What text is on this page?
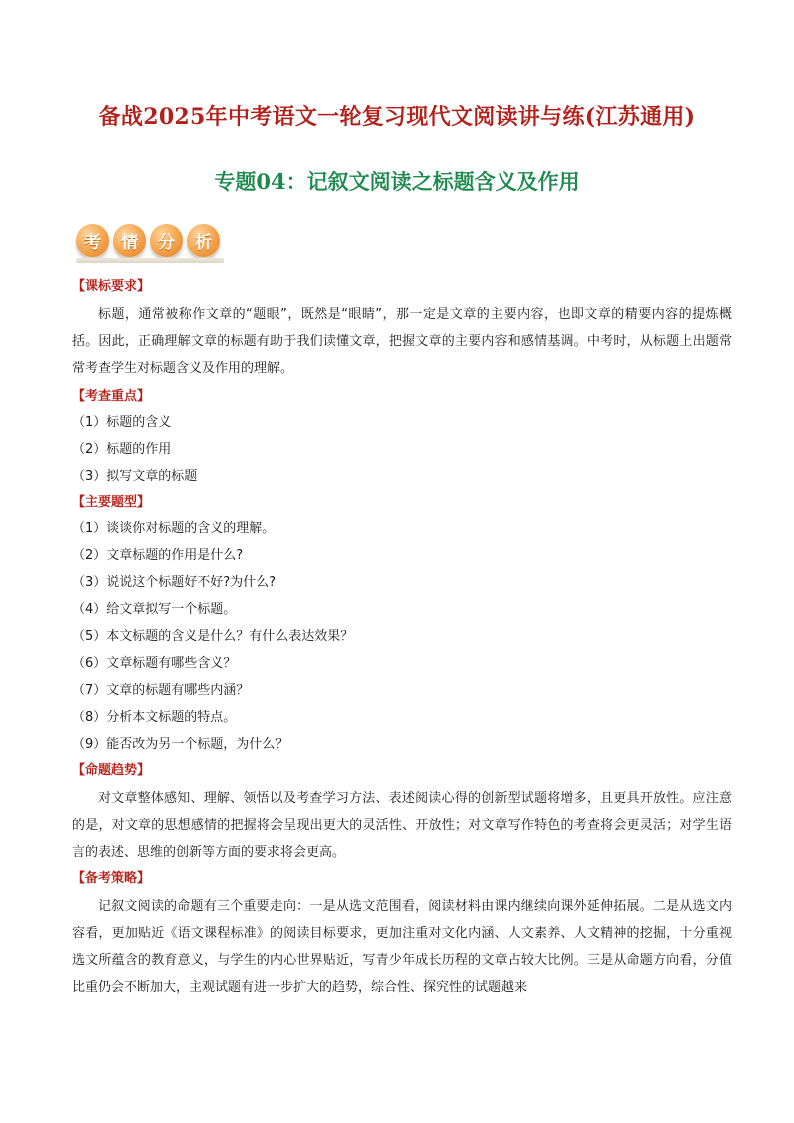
备战2025年中考语文一轮复习现代文阅读讲与练(江苏通用)
专题04：记叙文阅读之标题含义及作用
考	情	分	析
【课标要求】

标题，通常被称作文章的“题眼”，既然是“眼睛”，那一定是文章的主要内容，也即文章的精要内容的提炼概括。因此，正确理解文章的标题有助于我们读懂文章，把握文章的主要内容和感情基调。中考时，从标题上出题常常考查学生对标题含义及作用的理解。

【考查重点】
（1）标题的含义
（2）标题的作用
（3）拟写文章的标题
【主要题型】
（1）谈谈你对标题的含义的理解。
（2）文章标题的作用是什么?
（3）说说这个标题好不好?为什么?
（4）给文章拟写一个标题。
（5）本文标题的含义是什么？有什么表达效果？
（6）文章标题有哪些含义？
（7）文章的标题有哪些内涵？
（8）分析本文标题的特点。
（9）能否改为另一个标题，为什么？
【命题趋势】

对文章整体感知、理解、领悟以及考查学习方法、表述阅读心得的创新型试题将增多，且更具开放性。应注意的是，对文章的思想感情的把握将会呈现出更大的灵活性、开放性；对文章写作特色的考查将会更灵活；对学生语言的表述、思维的创新等方面的要求将会更高。

【备考策略】

记叙文阅读的命题有三个重要走向：一是从选文范围看，阅读材料由课内继续向课外延伸拓展。二是从选文内容看，更加贴近《语文课程标准》的阅读目标要求，更加注重对文化内涵、人文素养、人文精神的挖掘，十分重视选文所蕴含的教育意义，与学生的内心世界贴近，写青少年成长历程的文章占较大比例。三是从命题方向看，分值比重仍会不断加大，主观试题有进一步扩大的趋势，综合性、探究性的试题越来
